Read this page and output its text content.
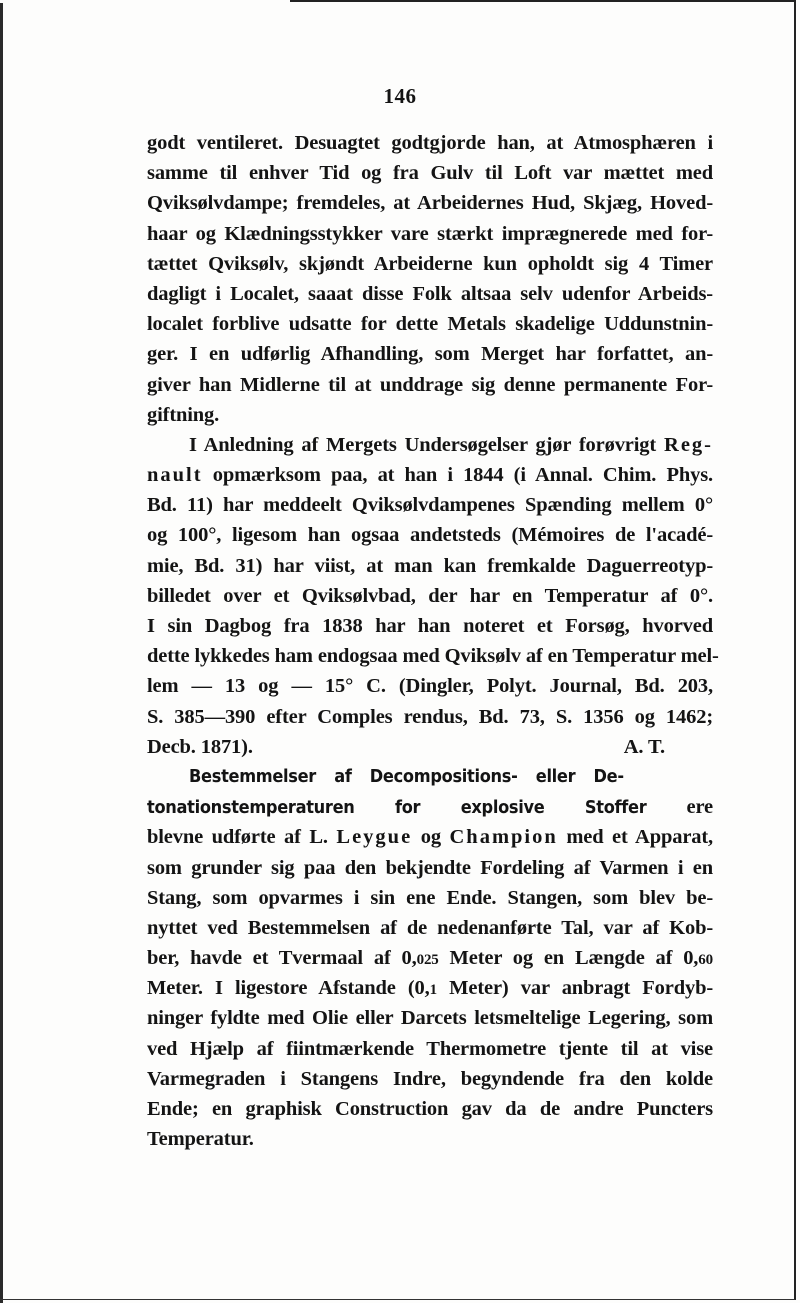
146
godt ventileret. Desuagtet godtgjorde han, at Atmosphæren i
samme til enhver Tid og fra Gulv til Loft var mættet med
Qviksølvdampe; fremdeles, at Arbeidernes Hud, Skjæg, Hoved-
haar og Klædningsstykker vare stærkt imprægnerede med for-
tættet Qviksølv, skjøndt Arbeiderne kun opholdt sig 4 Timer
dagligt i Localet, saaat disse Folk altsaa selv udenfor Arbeids-
localet forblive udsatte for dette Metals skadelige Uddunstnin-
ger. I en udførlig Afhandling, som Merget har forfattet, an-
giver han Midlerne til at unddrage sig denne permanente For-
giftning.
I Anledning af Mergets Undersøgelser gjør forøvrigt Reg-
nault opmærksom paa, at han i 1844 (i Annal. Chim. Phys.
Bd. 11) har meddeelt Qviksølvdampenes Spænding mellem 0°
og 100°, ligesom han ogsaa andetsteds (Mémoires de l'acadé-
mie, Bd. 31) har viist, at man kan fremkalde Daguerreotyp-
billedet over et Qviksølvbad, der har en Temperatur af 0°.
I sin Dagbog fra 1838 har han noteret et Forsøg, hvorved
dette lykkedes ham endogsaa med Qviksølv af en Temperatur mel-
lem — 13 og — 15° C. (Dingler, Polyt. Journal, Bd. 203,
S. 385—390 efter Comples rendus, Bd. 73, S. 1356 og 1462;
Decb. 1871).	A. T.
Bestemmelser af Decompositions- eller De-
tonationstemperaturen for explosive Stoffer ere
blevne udførte af L. Leygue og Champion med et Apparat,
som grunder sig paa den bekjendte Fordeling af Varmen i en
Stang, som opvarmes i sin ene Ende. Stangen, som blev be-
nyttet ved Bestemmelsen af de nedenanførte Tal, var af Kob-
ber, havde et Tvermaal af 0,025 Meter og en Længde af 0,60
Meter. I ligestore Afstande (0,1 Meter) var anbragt Fordyb-
ninger fyldte med Olie eller Darcets letsmeltelige Legering, som
ved Hjælp af fiintmærkende Thermometre tjente til at vise
Varmegraden i Stangens Indre, begyndende fra den kolde
Ende; en graphisk Construction gav da de andre Puncters
Temperatur.
